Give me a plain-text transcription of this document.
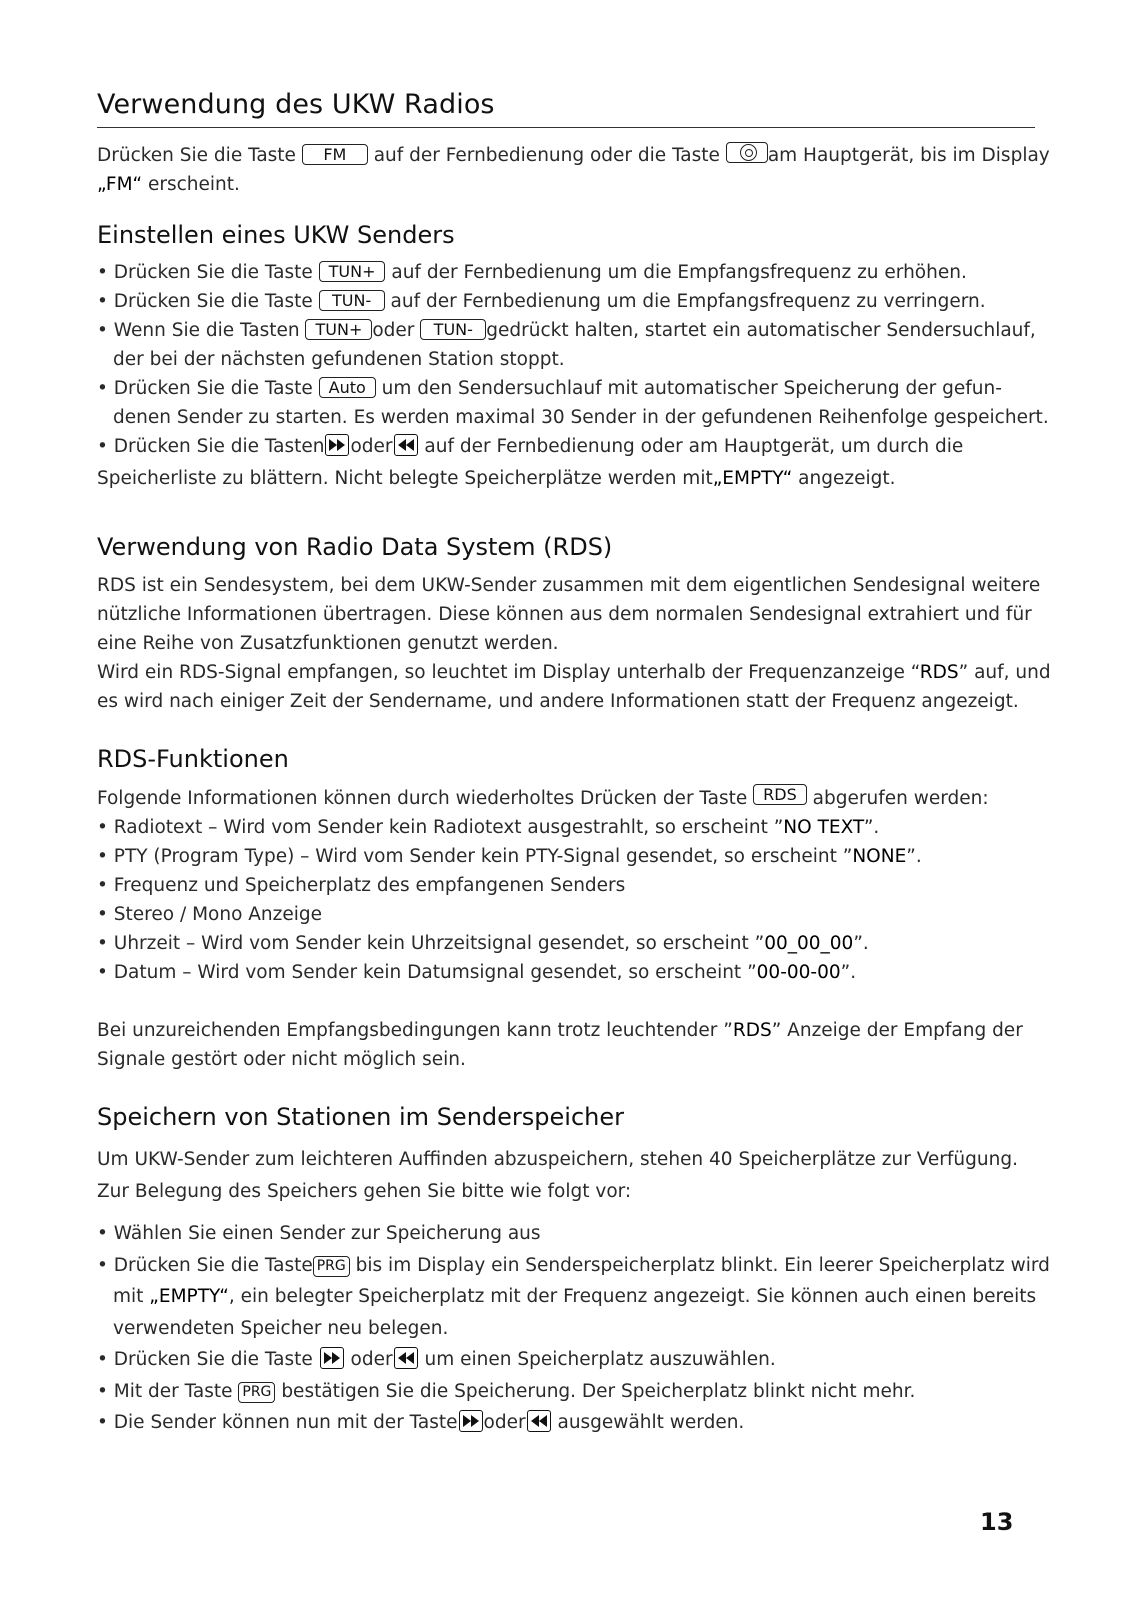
Verwendung des UKW Radios
Drücken Sie die Taste FM auf der Fernbedienung oder die Taste	am Hauptgerät, bis im Display
„FM“ erscheint.
Einstellen eines UKW Senders
• Drücken Sie die Taste TUN+ auf der Fernbedienung um die Empfangsfrequenz zu erhöhen.
• Drücken Sie die Taste TUN- auf der Fernbedienung um die Empfangsfrequenz zu verringern.
• Wenn Sie die Tasten TUN+ oder TUN- gedrückt halten, startet ein automatischer Sendersuchlauf,
der bei der nächsten gefundenen Station stoppt.
• Drücken Sie die Taste Auto um den Sendersuchlauf mit automatischer Speicherung der gefun-
denen Sender zu starten. Es werden maximal 30 Sender in der gefundenen Reihenfolge gespeichert.
• Drücken Sie die Tasten oder auf der Fernbedienung oder am Hauptgerät, um durch die
Speicherliste zu blättern. Nicht belegte Speicherplätze werden mit„EMPTY“ angezeigt.
Verwendung von Radio Data System (RDS)
RDS ist ein Sendesystem, bei dem UKW-Sender zusammen mit dem eigentlichen Sendesignal weitere
nützliche Informationen übertragen. Diese können aus dem normalen Sendesignal extrahiert und für
eine Reihe von Zusatzfunktionen genutzt werden.
Wird ein RDS-Signal empfangen, so leuchtet im Display unterhalb der Frequenzanzeige “RDS” auf, und
es wird nach einiger Zeit der Sendername, und andere Informationen statt der Frequenz angezeigt.
RDS-Funktionen
Folgende Informationen können durch wiederholtes Drücken der Taste RDS abgerufen werden:
• Radiotext – Wird vom Sender kein Radiotext ausgestrahlt, so erscheint ”NO TEXT”.
• PTY (Program Type) – Wird vom Sender kein PTY-Signal gesendet, so erscheint ”NONE”.
• Frequenz und Speicherplatz des empfangenen Senders
• Stereo / Mono Anzeige
• Uhrzeit – Wird vom Sender kein Uhrzeitsignal gesendet, so erscheint ”00_00_00”.
• Datum – Wird vom Sender kein Datumsignal gesendet, so erscheint ”00-00-00”.
Bei unzureichenden Empfangsbedingungen kann trotz leuchtender ”RDS” Anzeige der Empfang der
Signale gestört oder nicht möglich sein.
Speichern von Stationen im Senderspeicher
Um UKW-Sender zum leichteren Auffinden abzuspeichern, stehen 40 Speicherplätze zur Verfügung.
Zur Belegung des Speichers gehen Sie bitte wie folgt vor:
• Wählen Sie einen Sender zur Speicherung aus
• Drücken Sie die Taste PRG bis im Display ein Senderspeicherplatz blinkt. Ein leerer Speicherplatz wird
mit „EMPTY“, ein belegter Speicherplatz mit der Frequenz angezeigt. Sie können auch einen bereits
verwendeten Speicher neu belegen.
• Drücken Sie die Taste oder um einen Speicherplatz auszuwählen.
• Mit der Taste PRG bestätigen Sie die Speicherung. Der Speicherplatz blinkt nicht mehr.
• Die Sender können nun mit der Taste oder ausgewählt werden.
13
